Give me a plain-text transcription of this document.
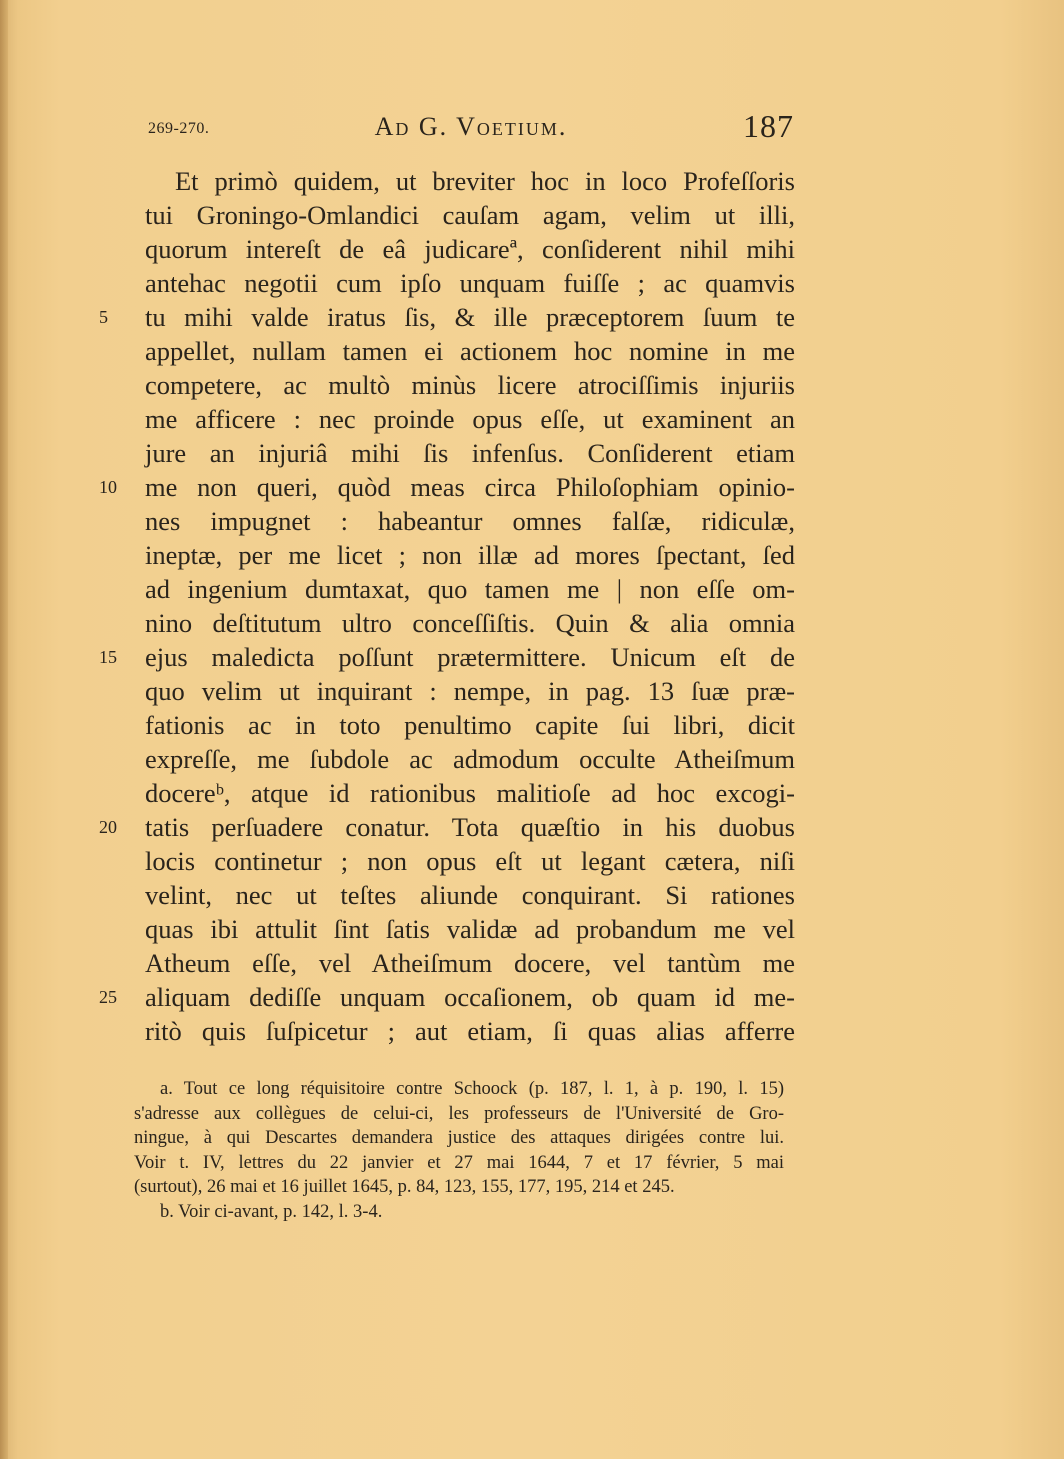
269-270.	Ad G. Voetium.	187
Et primò quidem, ut breviter hoc in loco Profeſſoris
tui Groningo-Omlandici cauſam agam, velim ut illi,
quorum intereſt de eâ judicareª, conſiderent nihil mihi
antehac negotii cum ipſo unquam fuiſſe ; ac quamvis
5	tu mihi valde iratus ſis, & ille præceptorem ſuum te
appellet, nullam tamen ei actionem hoc nomine in me
competere, ac multò minùs licere atrociſſimis injuriis
me afficere : nec proinde opus eſſe, ut examinent an
jure an injuriâ mihi ſis infenſus. Conſiderent etiam
10	me non queri, quòd meas circa Philoſophiam opinio-
nes impugnet : habeantur omnes falſæ, ridiculæ,
ineptæ, per me licet ; non illæ ad mores ſpectant, ſed
ad ingenium dumtaxat, quo tamen me | non eſſe om-
nino deſtitutum ultro conceſſiſtis. Quin & alia omnia
15	ejus maledicta poſſunt prætermittere. Unicum eſt de
quo velim ut inquirant : nempe, in pag. 13 ſuæ præ-
fationis ac in toto penultimo capite ſui libri, dicit
expreſſe, me ſubdole ac admodum occulte Atheiſmum
docereᵇ, atque id rationibus malitioſe ad hoc excogi-
20	tatis perſuadere conatur. Tota quæſtio in his duobus
locis continetur ; non opus eſt ut legant cætera, niſi
velint, nec ut teſtes aliunde conquirant. Si rationes
quas ibi attulit ſint ſatis validæ ad probandum me vel
Atheum eſſe, vel Atheiſmum docere, vel tantùm me
25	aliquam dediſſe unquam occaſionem, ob quam id me-
ritò quis ſuſpicetur ; aut etiam, ſi quas alias afferre
a. Tout ce long réquisitoire contre Schoock (p. 187, l. 1, à p. 190, l. 15)
s'adresse aux collègues de celui-ci, les professeurs de l'Université de Gro-
ningue, à qui Descartes demandera justice des attaques dirigées contre lui.
Voir t. IV, lettres du 22 janvier et 27 mai 1644, 7 et 17 février, 5 mai
(surtout), 26 mai et 16 juillet 1645, p. 84, 123, 155, 177, 195, 214 et 245.
b. Voir ci-avant, p. 142, l. 3-4.
